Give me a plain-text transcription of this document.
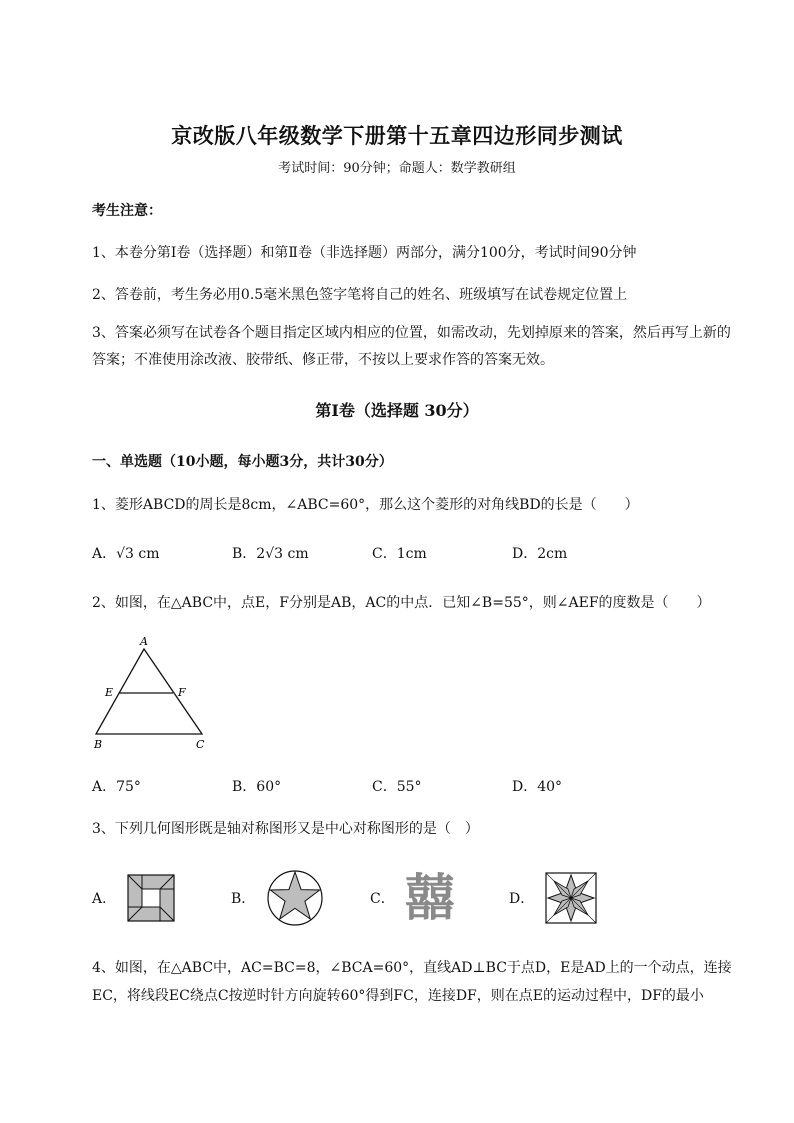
京改版八年级数学下册第十五章四边形同步测试
考试时间：90分钟；命题人：数学教研组
考生注意：
1、本卷分第I卷（选择题）和第Ⅱ卷（非选择题）两部分，满分100分，考试时间90分钟
2、答卷前，考生务必用0.5毫米黑色签字笔将自己的姓名、班级填写在试卷规定位置上
3、答案必须写在试卷各个题目指定区域内相应的位置，如需改动，先划掉原来的答案，然后再写上新的答案；不准使用涂改液、胶带纸、修正带，不按以上要求作答的答案无效。
第I卷（选择题 30分）
一、单选题（10小题，每小题3分，共计30分）
1、菱形ABCD的周长是8cm，∠ABC=60°，那么这个菱形的对角线BD的长是（　　）
A．√3 cm	B．2√3 cm	C．1cm	D．2cm
2、如图，在△ABC中，点E，F分别是AB，AC的中点．已知∠B=55°，则∠AEF的度数是（　　）
A
E	F
B	C
A．75°	B．60°	C．55°	D．40°
3、下列几何图形既是轴对称图形又是中心对称图形的是（　）
A．	B．	C． 囍	D．
4、如图，在△ABC中，AC=BC=8，∠BCA=60°，直线AD⊥BC于点D，E是AD上的一个动点，连接EC，将线段EC绕点C按逆时针方向旋转60°得到FC，连接DF，则在点E的运动过程中，DF的最小
